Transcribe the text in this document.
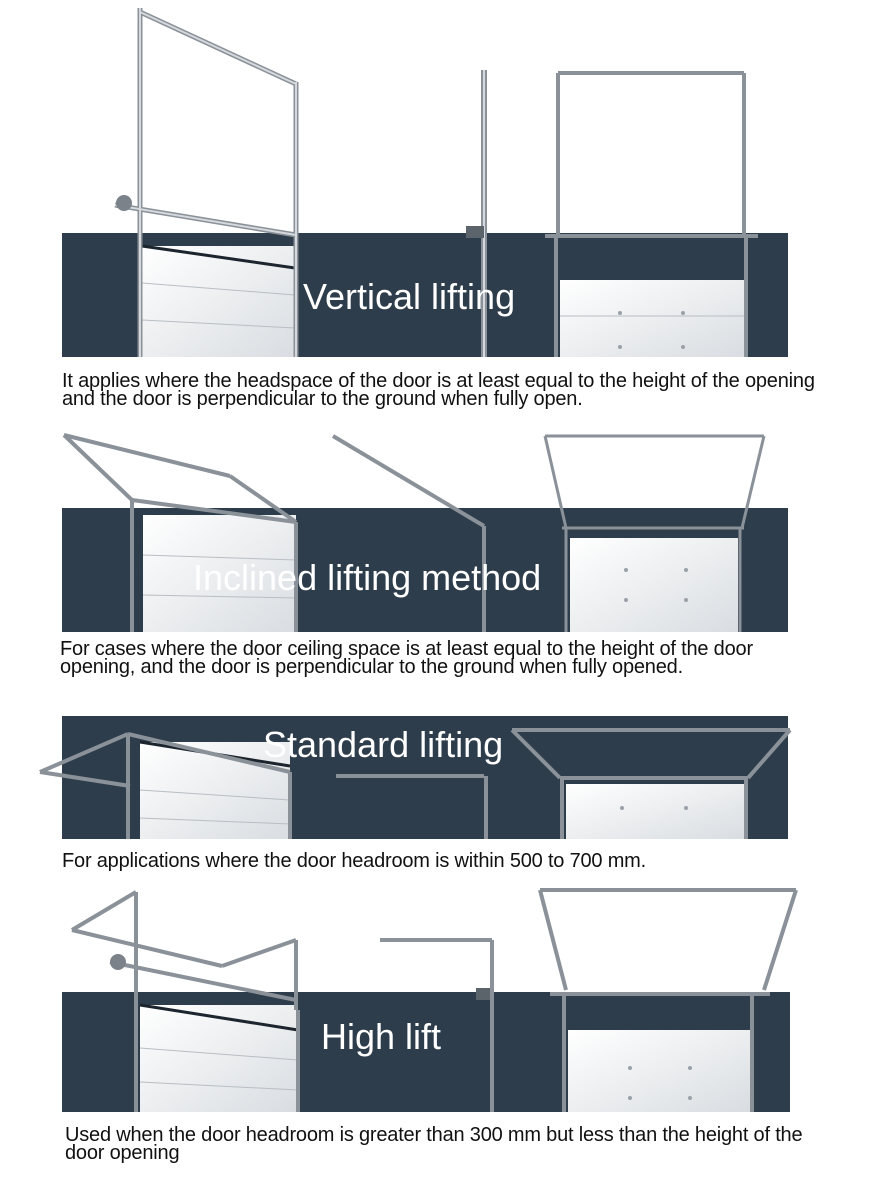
Vertical lifting
Inclined lifting method
Standard lifting
High lift
It applies where the headspace of the door is at least equal to the height of the opening and the door is perpendicular to the ground when fully open.
For cases where the door ceiling space is at least equal to the height of the door opening, and the door is perpendicular to the ground when fully opened.
For applications where the door headroom is within 500 to 700 mm.
Used when the door headroom is greater than 300 mm but less than the height of the door opening
